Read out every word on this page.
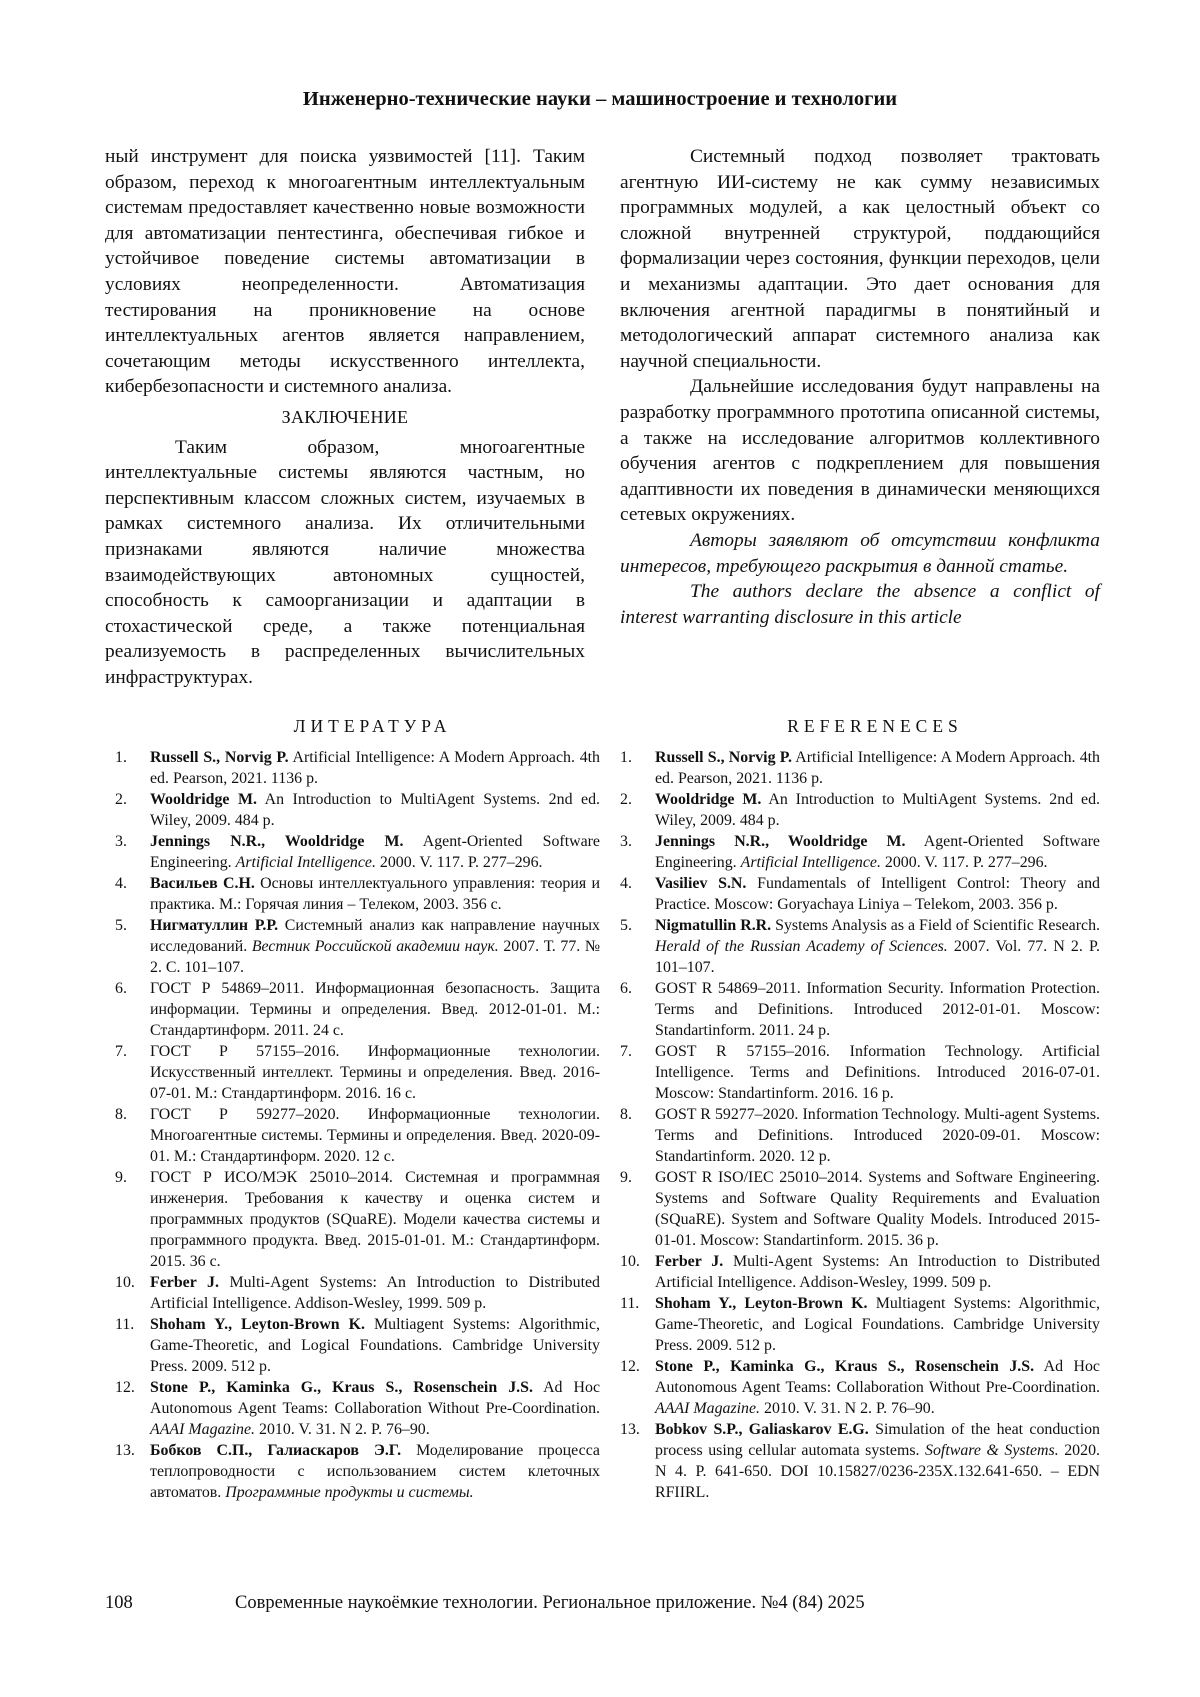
Инженерно-технические науки – машиностроение и технологии

ный инструмент для поиска уязвимостей [11]. Таким образом, переход к многоагентным интеллектуальным системам предоставляет качественно новые возможности для автоматизации пентестинга, обеспечивая гибкое и устойчивое поведение системы автоматизации в условиях неопределенности. Автоматизация тестирования на проникновение на основе интеллектуальных агентов является направлением, сочетающим методы искусственного интеллекта, кибербезопасности и системного анализа.

ЗАКЛЮЧЕНИЕ

Таким образом, многоагентные интеллектуальные системы являются частным, но перспективным классом сложных систем, изучаемых в рамках системного анализа. Их отличительными признаками являются наличие множества взаимодействующих автономных сущностей, способность к самоорганизации и адаптации в стохастической среде, а также потенциальная реализуемость в распределенных вычислительных инфраструктурах.

Системный подход позволяет трактовать агентную ИИ-систему не как сумму независимых программных модулей, а как целостный объект со сложной внутренней структурой, поддающийся формализации через состояния, функции переходов, цели и механизмы адаптации. Это дает основания для включения агентной парадигмы в понятийный и методологический аппарат системного анализа как научной специальности.

Дальнейшие исследования будут направлены на разработку программного прототипа описанной системы, а также на исследование алгоритмов коллективного обучения агентов с подкреплением для повышения адаптивности их поведения в динамически меняющихся сетевых окружениях.

Авторы заявляют об отсутствии конфликта интересов, требующего раскрытия в данной статье.

The authors declare the absence a conflict of interest warranting disclosure in this article

ЛИТЕРАТУРА
1. Russell S., Norvig P. Artificial Intelligence: A Modern Approach. 4th ed. Pearson, 2021. 1136 p.
2. Wooldridge M. An Introduction to MultiAgent Systems. 2nd ed. Wiley, 2009. 484 p.
3. Jennings N.R., Wooldridge M. Agent-Oriented Software Engineering. Artificial Intelligence. 2000. V. 117. P. 277–296.
4. Васильев С.Н. Основы интеллектуального управления: теория и практика. М.: Горячая линия – Телеком, 2003. 356 с.
5. Нигматуллин Р.Р. Системный анализ как направление научных исследований. Вестник Российской академии наук. 2007. Т. 77. № 2. С. 101–107.
6. ГОСТ Р 54869–2011. Информационная безопасность. Защита информации. Термины и определения. Введ. 2012-01-01. М.: Стандартинформ. 2011. 24 с.
7. ГОСТ Р 57155–2016. Информационные технологии. Искусственный интеллект. Термины и определения. Введ. 2016-07-01. М.: Стандартинформ. 2016. 16 с.
8. ГОСТ Р 59277–2020. Информационные технологии. Многоагентные системы. Термины и определения. Введ. 2020-09-01. М.: Стандартинформ. 2020. 12 с.
9. ГОСТ Р ИСО/МЭК 25010–2014. Системная и программная инженерия. Требования к качеству и оценка систем и программных продуктов (SQuaRE). Модели качества системы и программного продукта. Введ. 2015-01-01. М.: Стандартинформ. 2015. 36 с.
10. Ferber J. Multi-Agent Systems: An Introduction to Distributed Artificial Intelligence. Addison-Wesley, 1999. 509 p.
11. Shoham Y., Leyton-Brown K. Multiagent Systems: Algorithmic, Game-Theoretic, and Logical Foundations. Cambridge University Press. 2009. 512 p.
12. Stone P., Kaminka G., Kraus S., Rosenschein J.S. Ad Hoc Autonomous Agent Teams: Collaboration Without Pre-Coordination. AAAI Magazine. 2010. V. 31. N 2. P. 76–90.
13. Бобков С.П., Галиаскаров Э.Г. Моделирование процесса теплопроводности с использованием систем клеточных автоматов. Программные продукты и системы.
REFERENECES
1. Russell S., Norvig P. Artificial Intelligence: A Modern Approach. 4th ed. Pearson, 2021. 1136 p.
2. Wooldridge M. An Introduction to MultiAgent Systems. 2nd ed. Wiley, 2009. 484 p.
3. Jennings N.R., Wooldridge M. Agent-Oriented Software Engineering. Artificial Intelligence. 2000. V. 117. P. 277–296.
4. Vasiliev S.N. Fundamentals of Intelligent Control: Theory and Practice. Moscow: Goryachaya Liniya – Telekom, 2003. 356 p.
5. Nigmatullin R.R. Systems Analysis as a Field of Scientific Research. Herald of the Russian Academy of Sciences. 2007. Vol. 77. N 2. P. 101–107.
6. GOST R 54869–2011. Information Security. Information Protection. Terms and Definitions. Introduced 2012-01-01. Moscow: Standartinform. 2011. 24 p.
7. GOST R 57155–2016. Information Technology. Artificial Intelligence. Terms and Definitions. Introduced 2016-07-01. Moscow: Standartinform. 2016. 16 p.
8. GOST R 59277–2020. Information Technology. Multi-agent Systems. Terms and Definitions. Introduced 2020-09-01. Moscow: Standartinform. 2020. 12 p.
9. GOST R ISO/IEC 25010–2014. Systems and Software Engineering. Systems and Software Quality Requirements and Evaluation (SQuaRE). System and Software Quality Models. Introduced 2015-01-01. Moscow: Standartinform. 2015. 36 p.
10. Ferber J. Multi-Agent Systems: An Introduction to Distributed Artificial Intelligence. Addison-Wesley, 1999. 509 p.
11. Shoham Y., Leyton-Brown K. Multiagent Systems: Algorithmic, Game-Theoretic, and Logical Foundations. Cambridge University Press. 2009. 512 p.
12. Stone P., Kaminka G., Kraus S., Rosenschein J.S. Ad Hoc Autonomous Agent Teams: Collaboration Without Pre-Coordination. AAAI Magazine. 2010. V. 31. N 2. P. 76–90.
13. Bobkov S.P., Galiaskarov E.G. Simulation of the heat conduction process using cellular automata systems. Software & Systems. 2020. N 4. P. 641-650. DOI 10.15827/0236-235X.132.641-650. – EDN RFIIRL.
108	Современные наукоёмкие технологии. Региональное приложение. №4 (84) 2025
